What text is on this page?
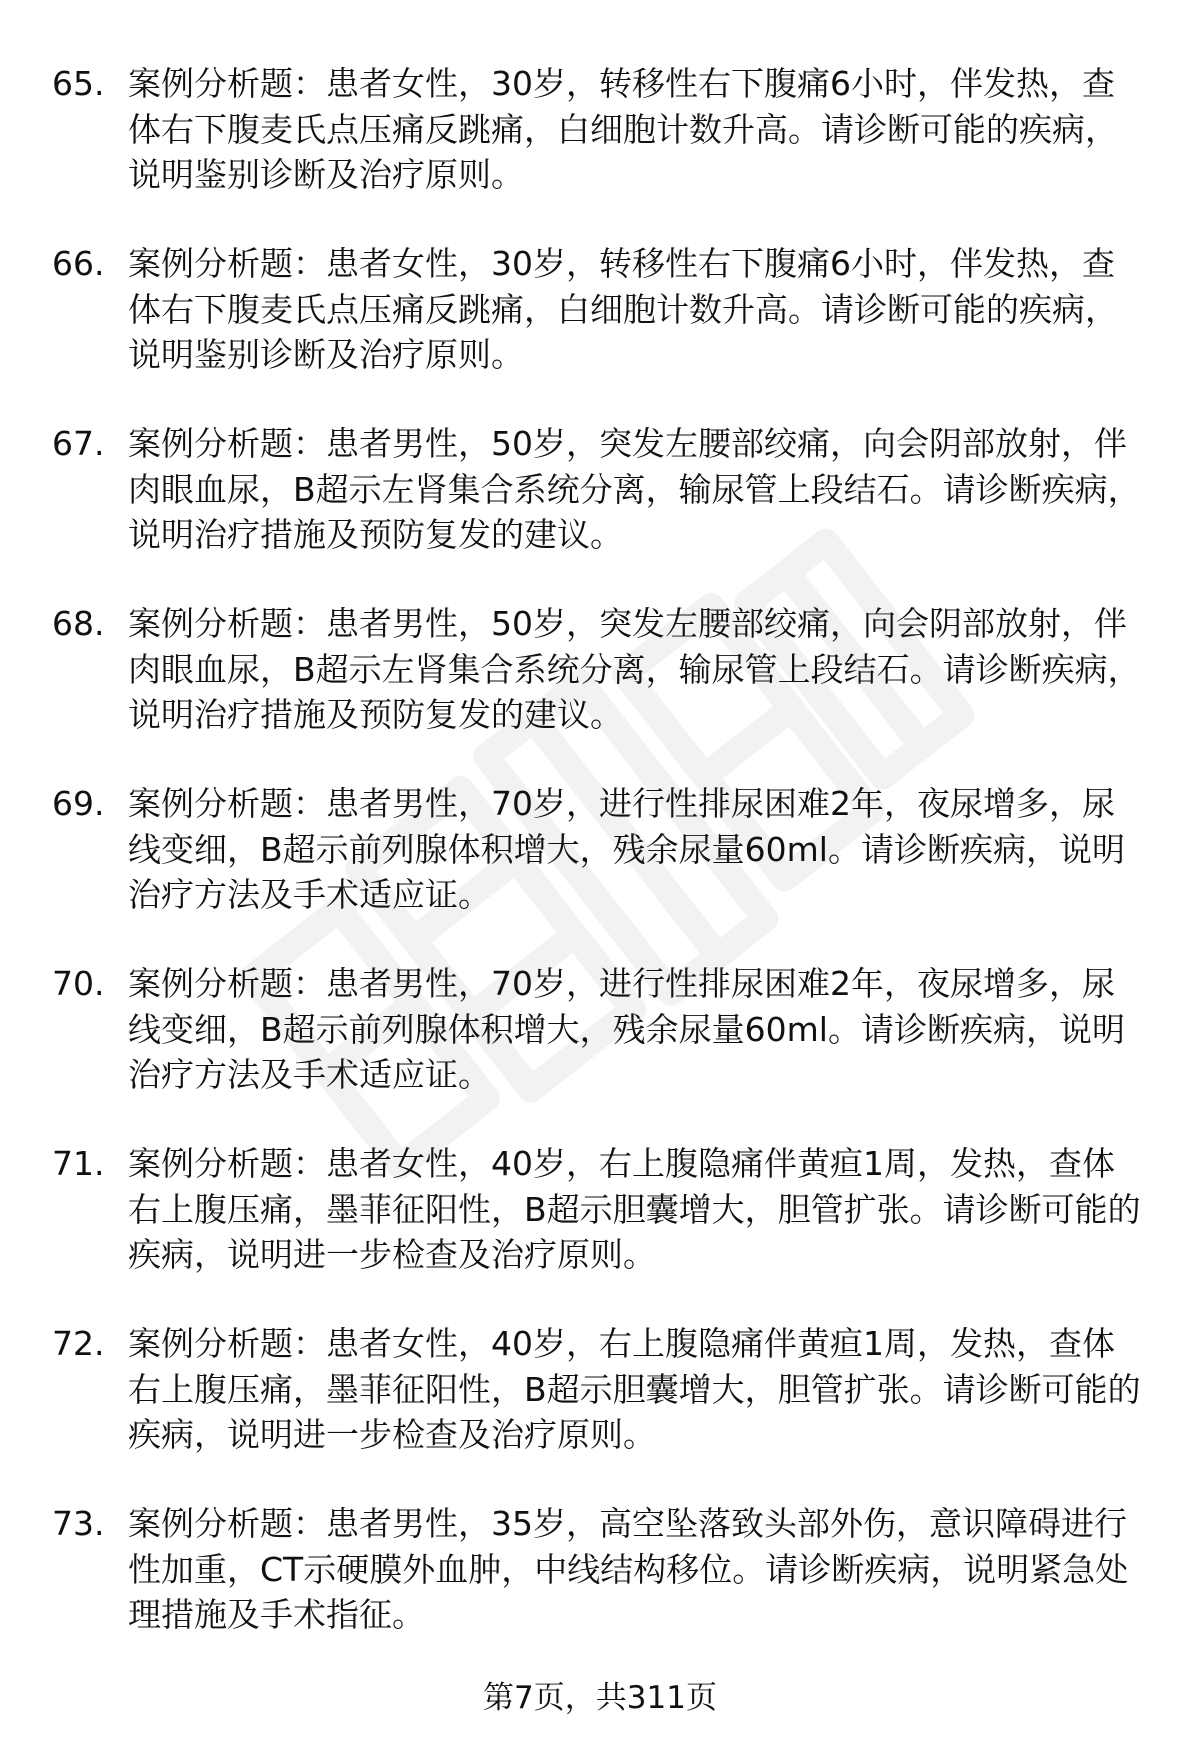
65. 案例分析题：患者女性，30岁，转移性右下腹痛6小时，伴发热，查体右下腹麦氏点压痛反跳痛，白细胞计数升高。请诊断可能的疾病，说明鉴别诊断及治疗原则。
66. 案例分析题：患者女性，30岁，转移性右下腹痛6小时，伴发热，查体右下腹麦氏点压痛反跳痛，白细胞计数升高。请诊断可能的疾病，说明鉴别诊断及治疗原则。
67. 案例分析题：患者男性，50岁，突发左腰部绞痛，向会阴部放射，伴肉眼血尿，B超示左肾集合系统分离，输尿管上段结石。请诊断疾病，说明治疗措施及预防复发的建议。
68. 案例分析题：患者男性，50岁，突发左腰部绞痛，向会阴部放射，伴肉眼血尿，B超示左肾集合系统分离，输尿管上段结石。请诊断疾病，说明治疗措施及预防复发的建议。
69. 案例分析题：患者男性，70岁，进行性排尿困难2年，夜尿增多，尿线变细，B超示前列腺体积增大，残余尿量60ml。请诊断疾病，说明治疗方法及手术适应证。
70. 案例分析题：患者男性，70岁，进行性排尿困难2年，夜尿增多，尿线变细，B超示前列腺体积增大，残余尿量60ml。请诊断疾病，说明治疗方法及手术适应证。
71. 案例分析题：患者女性，40岁，右上腹隐痛伴黄疸1周，发热，查体右上腹压痛，墨菲征阳性，B超示胆囊增大，胆管扩张。请诊断可能的疾病，说明进一步检查及治疗原则。
72. 案例分析题：患者女性，40岁，右上腹隐痛伴黄疸1周，发热，查体右上腹压痛，墨菲征阳性，B超示胆囊增大，胆管扩张。请诊断可能的疾病，说明进一步检查及治疗原则。
73. 案例分析题：患者男性，35岁，高空坠落致头部外伤，意识障碍进行性加重，CT示硬膜外血肿，中线结构移位。请诊断疾病，说明紧急处理措施及手术指征。
第7页，共311页
